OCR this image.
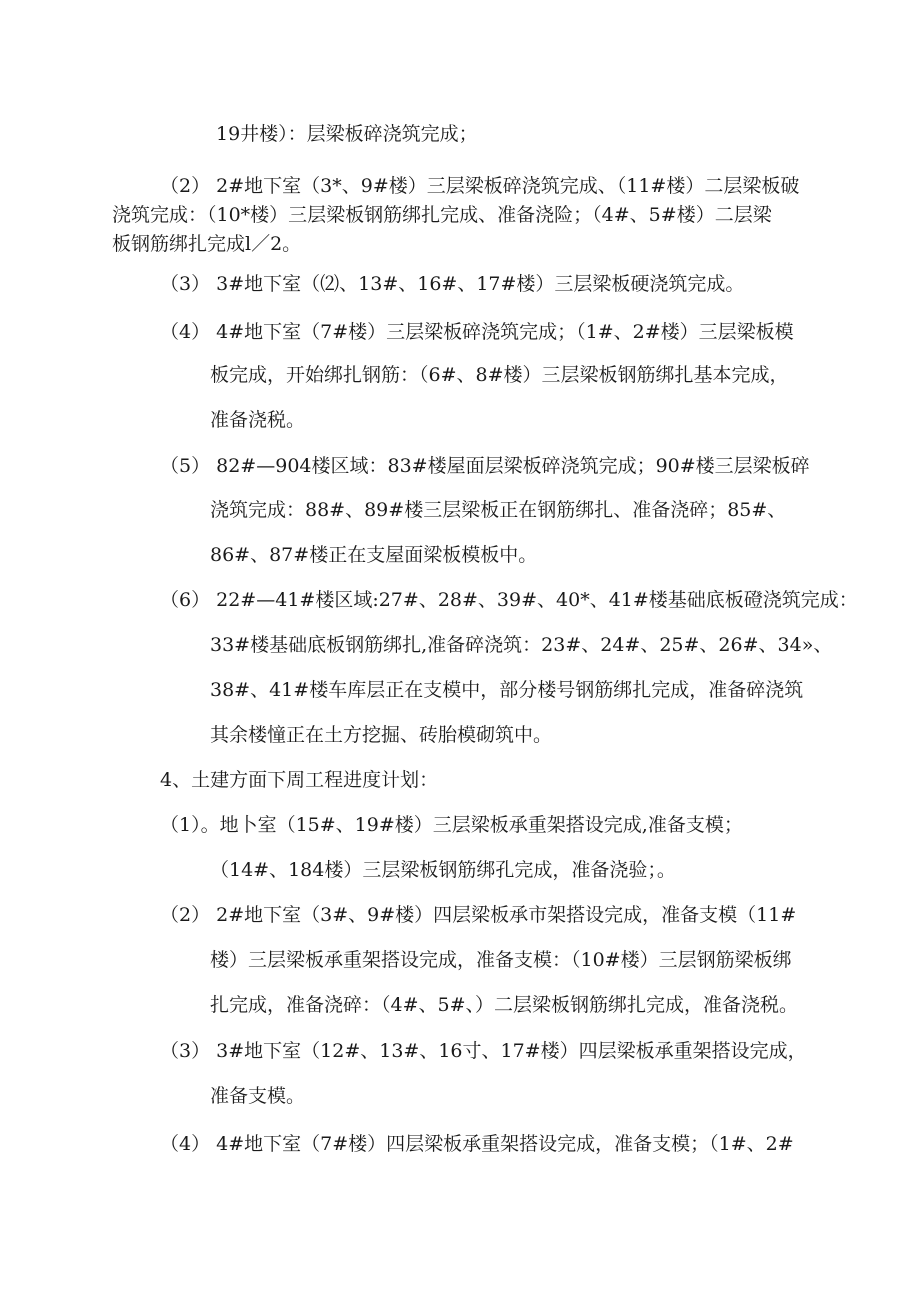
19井楼）：层梁板碎浇筑完成；
（2） 2#地下室（3*、9#楼）三层梁板碎浇筑完成、（11#楼）二层梁板破
浇筑完成：（10*楼）三层梁板钢筋绑扎完成、准备浇险；（4#、5#楼）二层梁
板钢筋绑扎完成l／2。
（3） 3#地下室（⑵、13#、16#、17#楼）三层梁板硬浇筑完成。
（4） 4#地下室（7#楼）三层梁板碎浇筑完成；（1#、2#楼）三层梁板模
板完成，开始绑扎钢筋：（6#、8#楼）三层梁板钢筋绑扎基本完成，
准备浇税。
（5） 82#—904楼区域：83#楼屋面层梁板碎浇筑完成；90#楼三层梁板碎
浇筑完成：88#、89#楼三层梁板正在钢筋绑扎、准备浇碎；85#、
86#、87#楼正在支屋面梁板模板中。
（6） 22#—41#楼区域:27#、28#、39#、40*、41#楼基础底板磴浇筑完成：
33#楼基础底板钢筋绑扎,准备碎浇筑：23#、24#、25#、26#、34»、
38#、41#楼车库层正在支模中，部分楼号钢筋绑扎完成，准备碎浇筑
其余楼憧正在土方挖掘、砖胎模砌筑中。
4、土建方面下周工程进度计划：
（1）。地卜室（15#、19#楼）三层梁板承重架搭设完成,准备支模；
（14#、184楼）三层梁板钢筋绑孔完成，准备浇验；。
（2） 2#地下室（3#、9#楼）四层梁板承市架搭设完成，准备支模（11#
楼）三层梁板承重架搭设完成，准备支模：（10#楼）三层钢筋梁板绑
扎完成，准备浇碎：（4#、5#、）二层梁板钢筋绑扎完成，准备浇税。
（3） 3#地下室（12#、13#、16寸、17#楼）四层梁板承重架搭设完成，
准备支模。
（4） 4#地下室（7#楼）四层梁板承重架搭设完成，准备支模；（1#、2#
